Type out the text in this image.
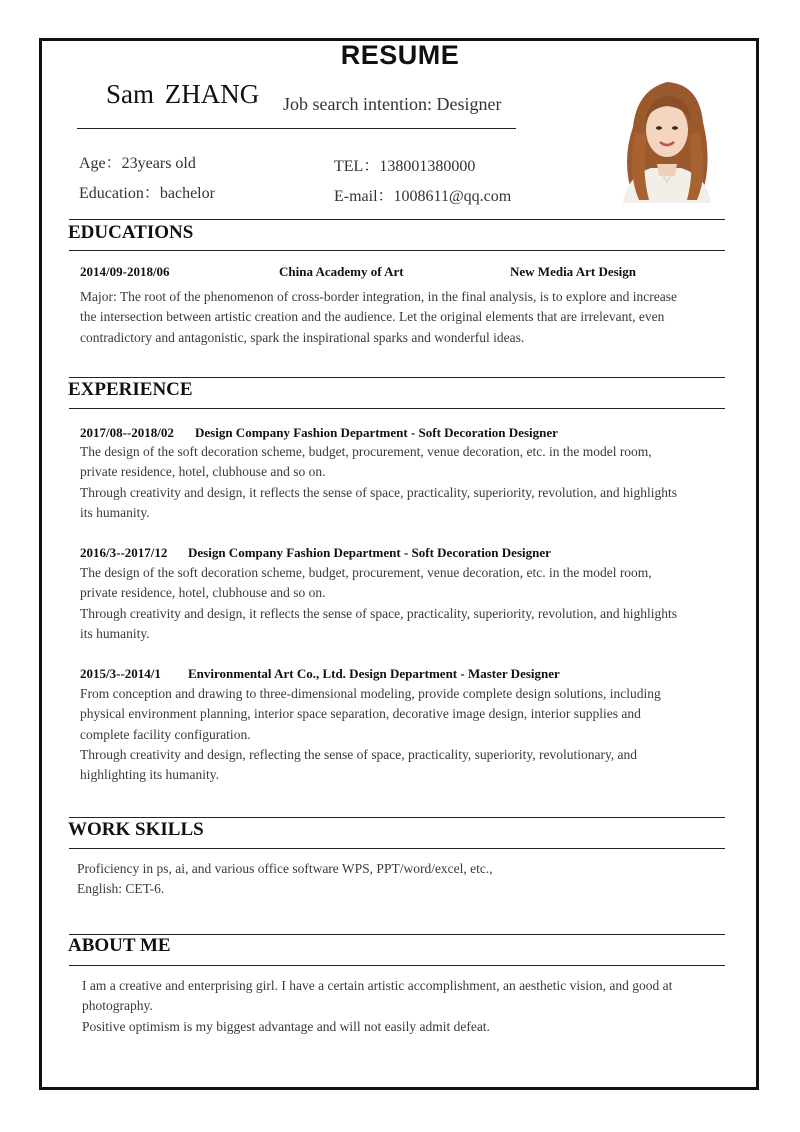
RESUME
Sam ZHANG Job search intention: Designer
Age：23years old
Education：bachelor
TEL：138001380000
E-mail：1008611@qq.com
EDUCATIONS
2014/09-2018/06	China Academy of Art	New Media Art Design
Major: The root of the phenomenon of cross-border integration, in the final analysis, is to explore and increase
the intersection between artistic creation and the audience. Let the original elements that are irrelevant, even
contradictory and antagonistic, spark the inspirational sparks and wonderful ideas.
EXPERIENCE
2017/08--2018/02 Design Company Fashion Department - Soft Decoration Designer
The design of the soft decoration scheme, budget, procurement, venue decoration, etc. in the model room,
private residence, hotel, clubhouse and so on.
Through creativity and design, it reflects the sense of space, practicality, superiority, revolution, and highlights
its humanity.
2016/3--2017/12 Design Company Fashion Department - Soft Decoration Designer
The design of the soft decoration scheme, budget, procurement, venue decoration, etc. in the model room,
private residence, hotel, clubhouse and so on.
Through creativity and design, it reflects the sense of space, practicality, superiority, revolution, and highlights
its humanity.
2015/3--2014/1 Environmental Art Co., Ltd. Design Department - Master Designer
From conception and drawing to three-dimensional modeling, provide complete design solutions, including
physical environment planning, interior space separation, decorative image design, interior supplies and
complete facility configuration.
Through creativity and design, reflecting the sense of space, practicality, superiority, revolutionary, and
highlighting its humanity.
WORK SKILLS
Proficiency in ps, ai, and various office software WPS, PPT/word/excel, etc.,
English: CET-6.
ABOUT ME
I am a creative and enterprising girl. I have a certain artistic accomplishment, an aesthetic vision, and good at
photography.
Positive optimism is my biggest advantage and will not easily admit defeat.
